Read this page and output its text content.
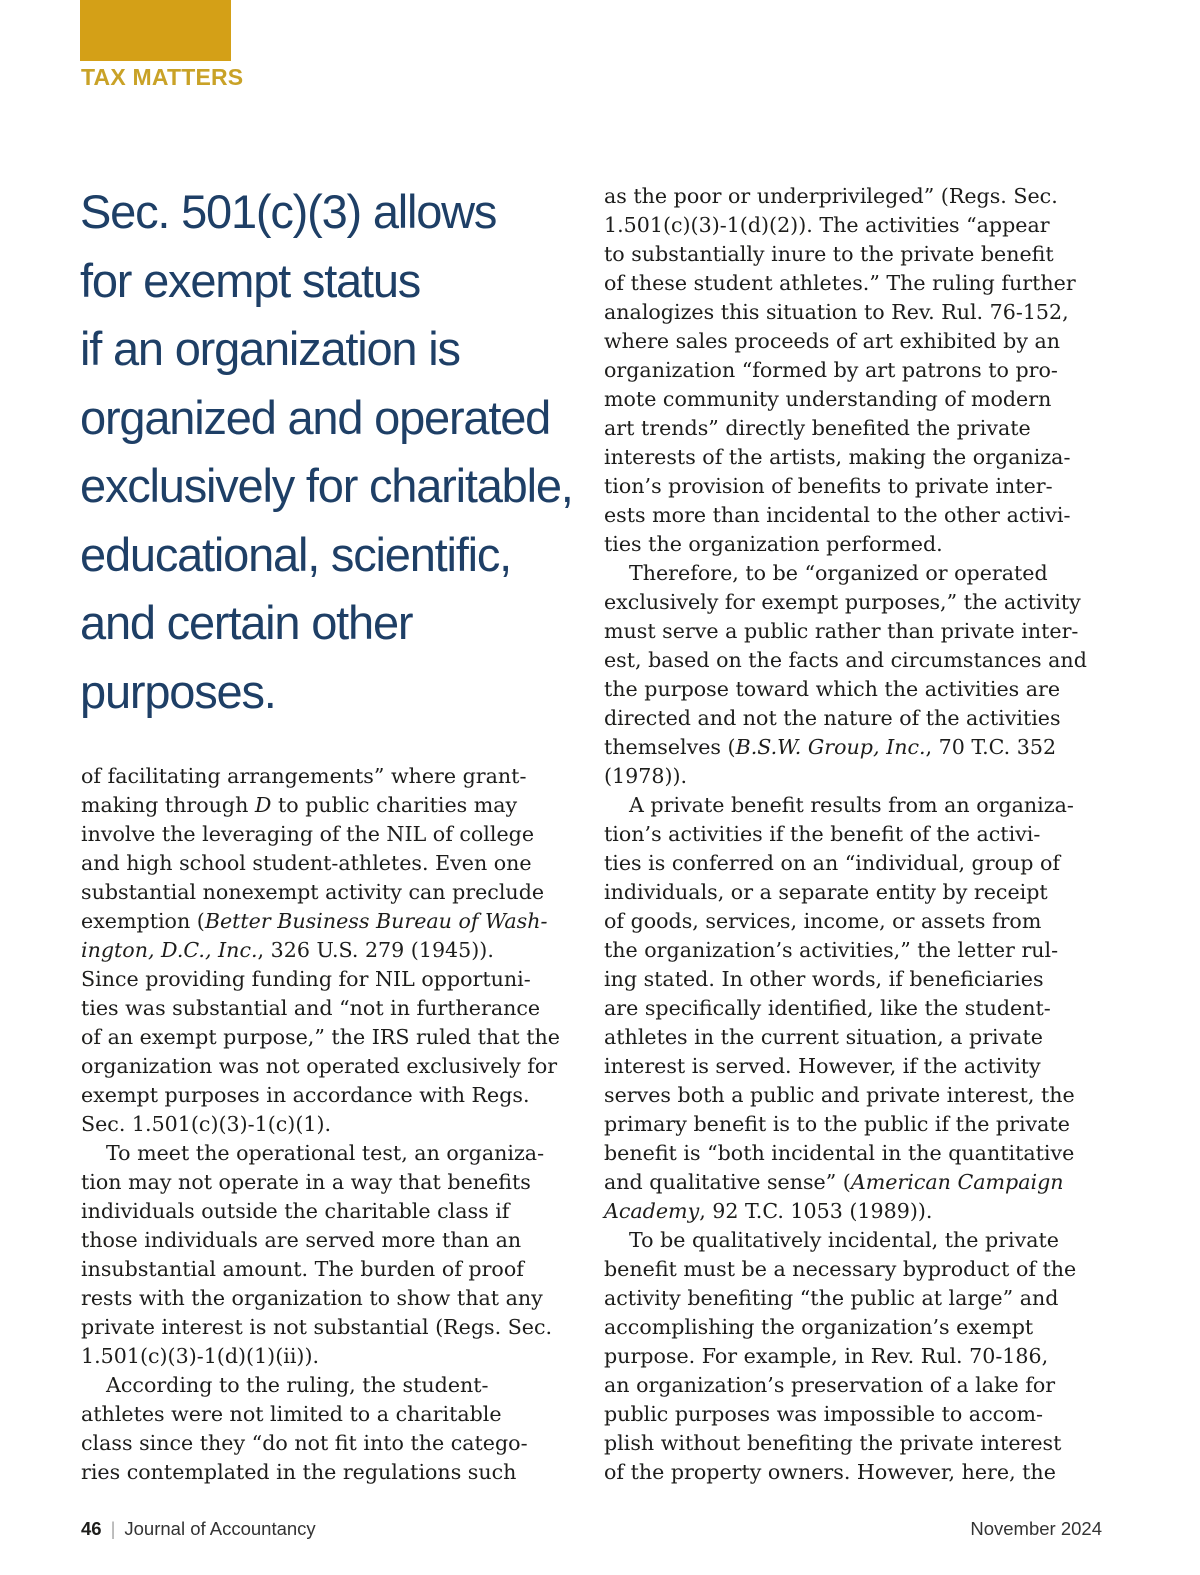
TAX MATTERS
Sec. 501(c)(3) allows
for exempt status
if an organization is
organized and operated
exclusively for charitable,
educational, scientific,
and certain other
purposes.
of facilitating arrangements” where grant-
making through D to public charities may
involve the leveraging of the NIL of college
and high school student-athletes. Even one
substantial nonexempt activity can preclude
exemption (Better Business Bureau of Wash-
ington, D.C., Inc., 326 U.S. 279 (1945)).
Since providing funding for NIL opportuni-
ties was substantial and “not in furtherance
of an exempt purpose,” the IRS ruled that the
organization was not operated exclusively for
exempt purposes in accordance with Regs.
Sec. 1.501(c)(3)-1(c)(1).
To meet the operational test, an organiza-
tion may not operate in a way that benefits
individuals outside the charitable class if
those individuals are served more than an
insubstantial amount. The burden of proof
rests with the organization to show that any
private interest is not substantial (Regs. Sec.
1.501(c)(3)-1(d)(1)(ii)).
According to the ruling, the student-
athletes were not limited to a charitable
class since they “do not fit into the catego-
ries contemplated in the regulations such
as the poor or underprivileged” (Regs. Sec.
1.501(c)(3)-1(d)(2)). The activities “appear
to substantially inure to the private benefit
of these student athletes.” The ruling further
analogizes this situation to Rev. Rul. 76-152,
where sales proceeds of art exhibited by an
organization “formed by art patrons to pro-
mote community understanding of modern
art trends” directly benefited the private
interests of the artists, making the organiza-
tion’s provision of benefits to private inter-
ests more than incidental to the other activi-
ties the organization performed.
Therefore, to be “organized or operated
exclusively for exempt purposes,” the activity
must serve a public rather than private inter-
est, based on the facts and circumstances and
the purpose toward which the activities are
directed and not the nature of the activities
themselves (B.S.W. Group, Inc., 70 T.C. 352
(1978)).
A private benefit results from an organiza-
tion’s activities if the benefit of the activi-
ties is conferred on an “individual, group of
individuals, or a separate entity by receipt
of goods, services, income, or assets from
the organization’s activities,” the letter rul-
ing stated. In other words, if beneficiaries
are specifically identified, like the student-
athletes in the current situation, a private
interest is served. However, if the activity
serves both a public and private interest, the
primary benefit is to the public if the private
benefit is “both incidental in the quantitative
and qualitative sense” (American Campaign
Academy, 92 T.C. 1053 (1989)).
To be qualitatively incidental, the private
benefit must be a necessary byproduct of the
activity benefiting “the public at large” and
accomplishing the organization’s exempt
purpose. For example, in Rev. Rul. 70-186,
an organization’s preservation of a lake for
public purposes was impossible to accom-
plish without benefiting the private interest
of the property owners. However, here, the
46 | Journal of Accountancy	November 2024
